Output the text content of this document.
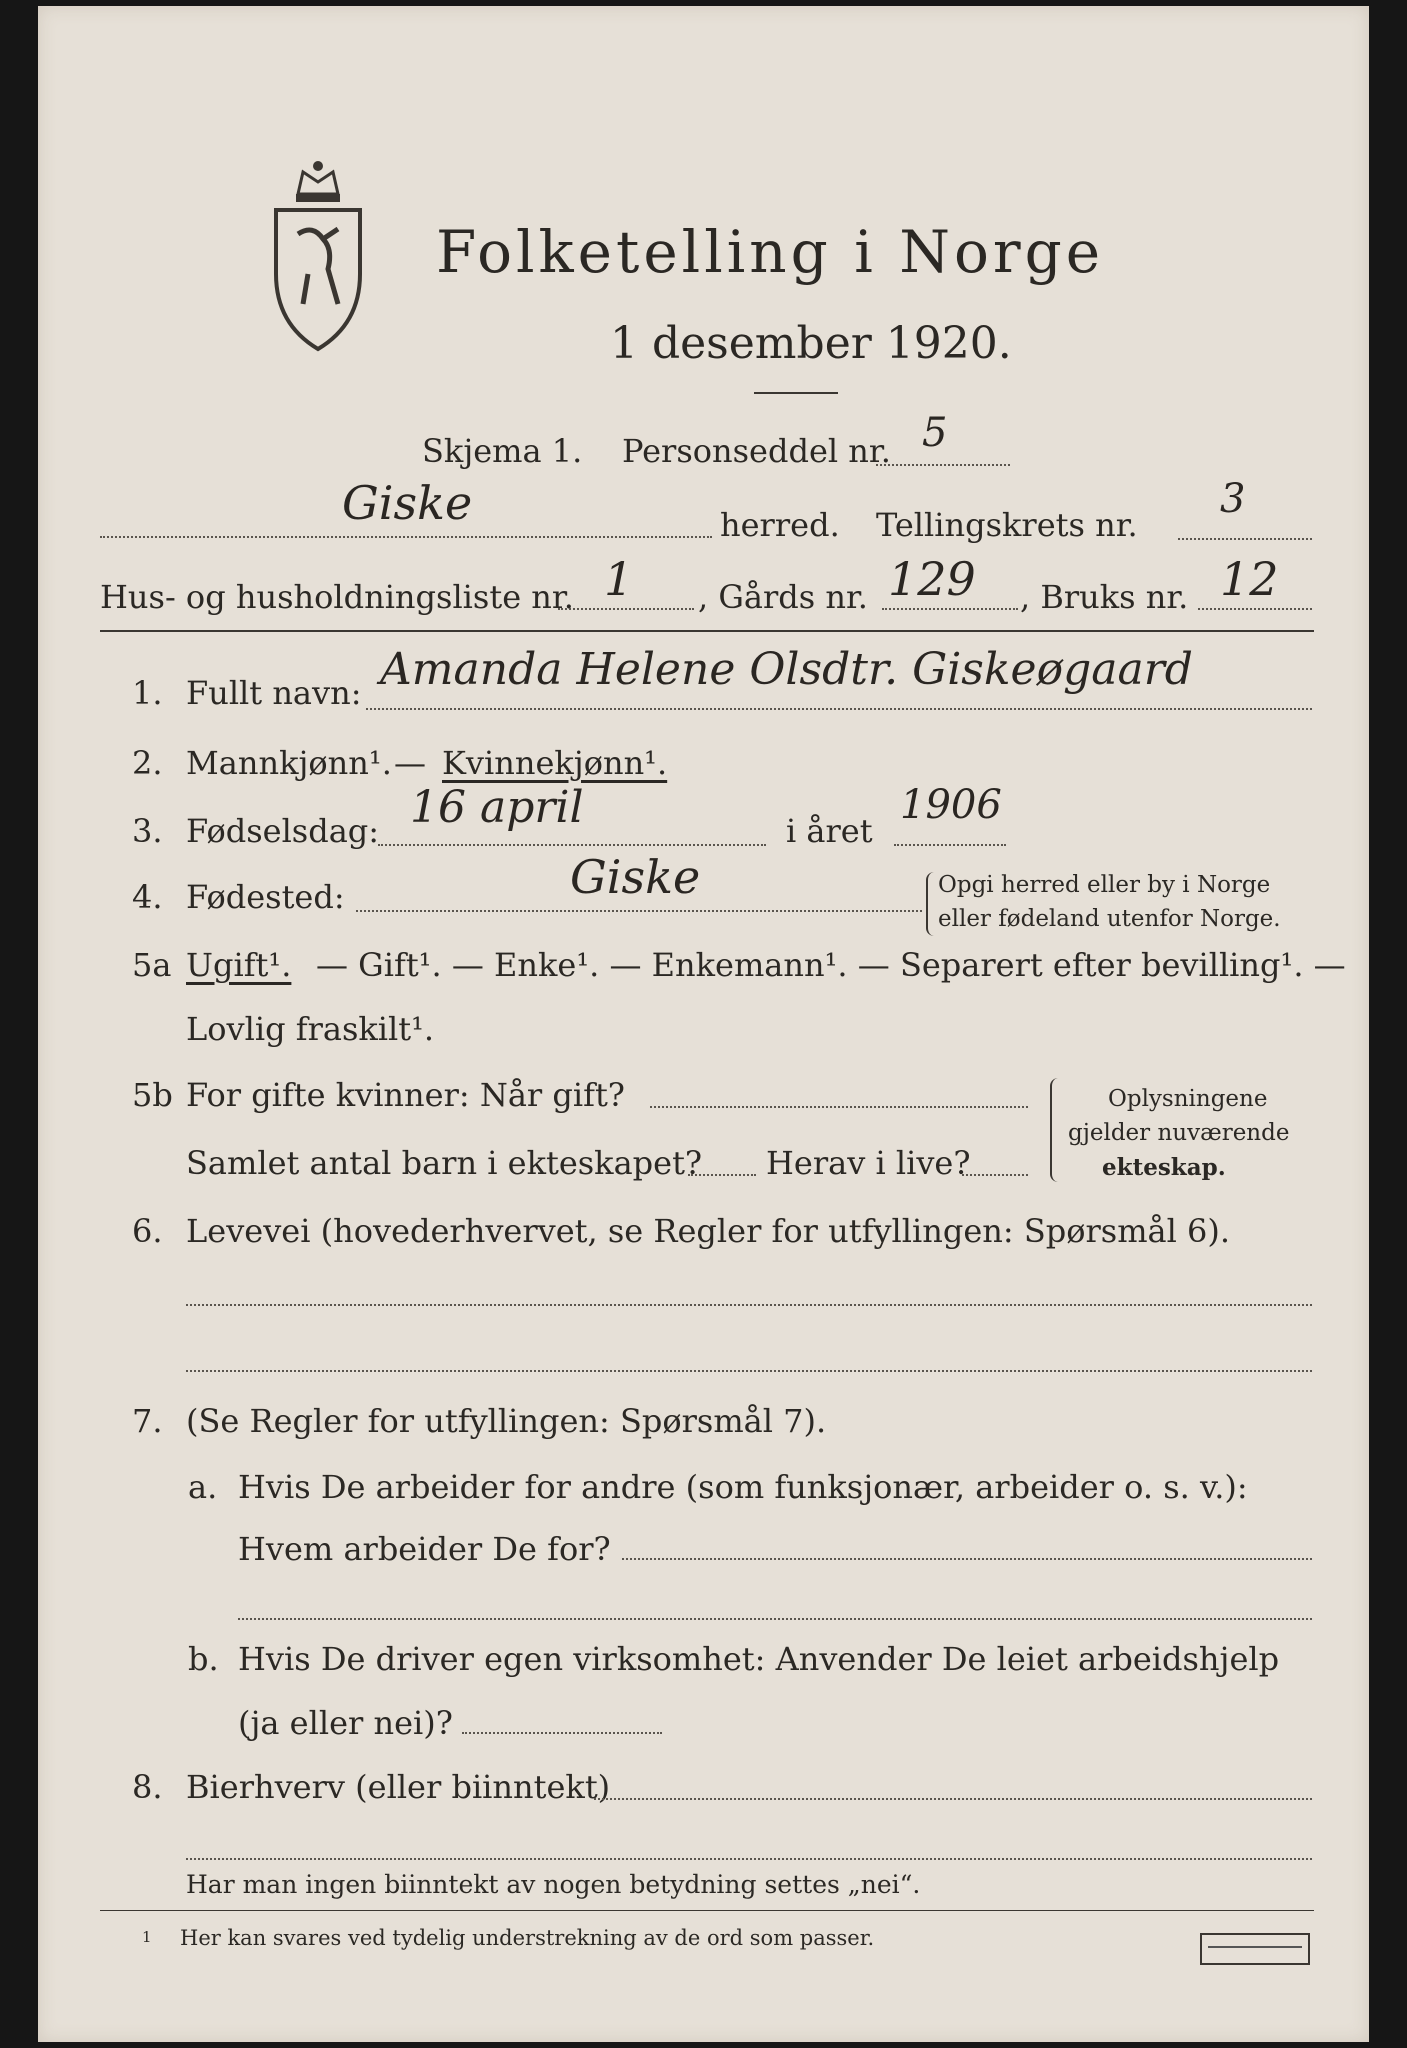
Folketelling i Norge
1 desember 1920.
Skjema 1. Personseddel nr. 5
Giske	herred. Tellingskrets nr.
3
Hus- og husholdningsliste nr. 1 , Gårds nr. 129 , Bruks nr. 12
1. Fullt navn: Amanda Helene Olsdtr. Giskeøgaard
2. Mannkjønn¹. — Kvinnekjønn¹.
3. Fødselsdag: 16 april	i året
1906
4. Fødested:	Giske	Opgi herred eller by i Norge
eller fødeland utenfor Norge.
5a Ugift¹. — Gift¹. — Enke¹. — Enkemann¹. — Separert efter bevilling¹. —
Lovlig fraskilt¹.
5b For gifte kvinner: Når gift?
Samlet antal barn i ekteskapet? Herav i live?
Oplysningene
gjelder nuværende
ekteskap.
6. Levevei (hovederhvervet, se Regler for utfyllingen: Spørsmål 6).
7. (Se Regler for utfyllingen: Spørsmål 7).
a. Hvis De arbeider for andre (som funksjonær, arbeider o. s. v.):
Hvem arbeider De for?
b. Hvis De driver egen virksomhet: Anvender De leiet arbeidshjelp
(ja eller nei)?
8. Bierhverv (eller biinntekt)
Har man ingen biinntekt av nogen betydning settes „nei“.
1 Her kan svares ved tydelig understrekning av de ord som passer.
